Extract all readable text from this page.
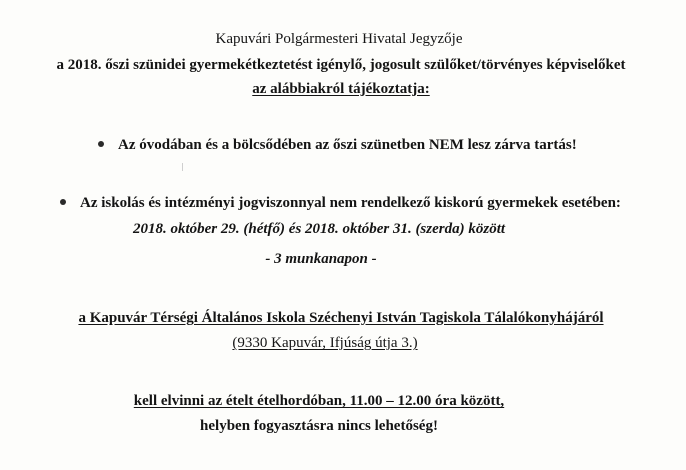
Kapuvári Polgármesteri Hivatal Jegyzője
a 2018. őszi szünidei gyermekétkeztetést igénylő, jogosult szülőket/törvényes képviselőket
az alábbiakról tájékoztatja:
Az óvodában és a bölcsődében az őszi szünetben NEM lesz zárva tartás!
Az iskolás és intézményi jogviszonnyal nem rendelkező kiskorú gyermekek esetében:
2018. október 29. (hétfő) és 2018. október 31. (szerda) között
- 3 munkanapon -
a Kapuvár Térségi Általános Iskola Széchenyi István Tagiskola Tálalókonyhájáról
(9330 Kapuvár, Ifjúság útja 3.)
kell elvinni az ételt ételhordóban, 11.00 – 12.00 óra között,
helyben fogyasztásra nincs lehetőség!
